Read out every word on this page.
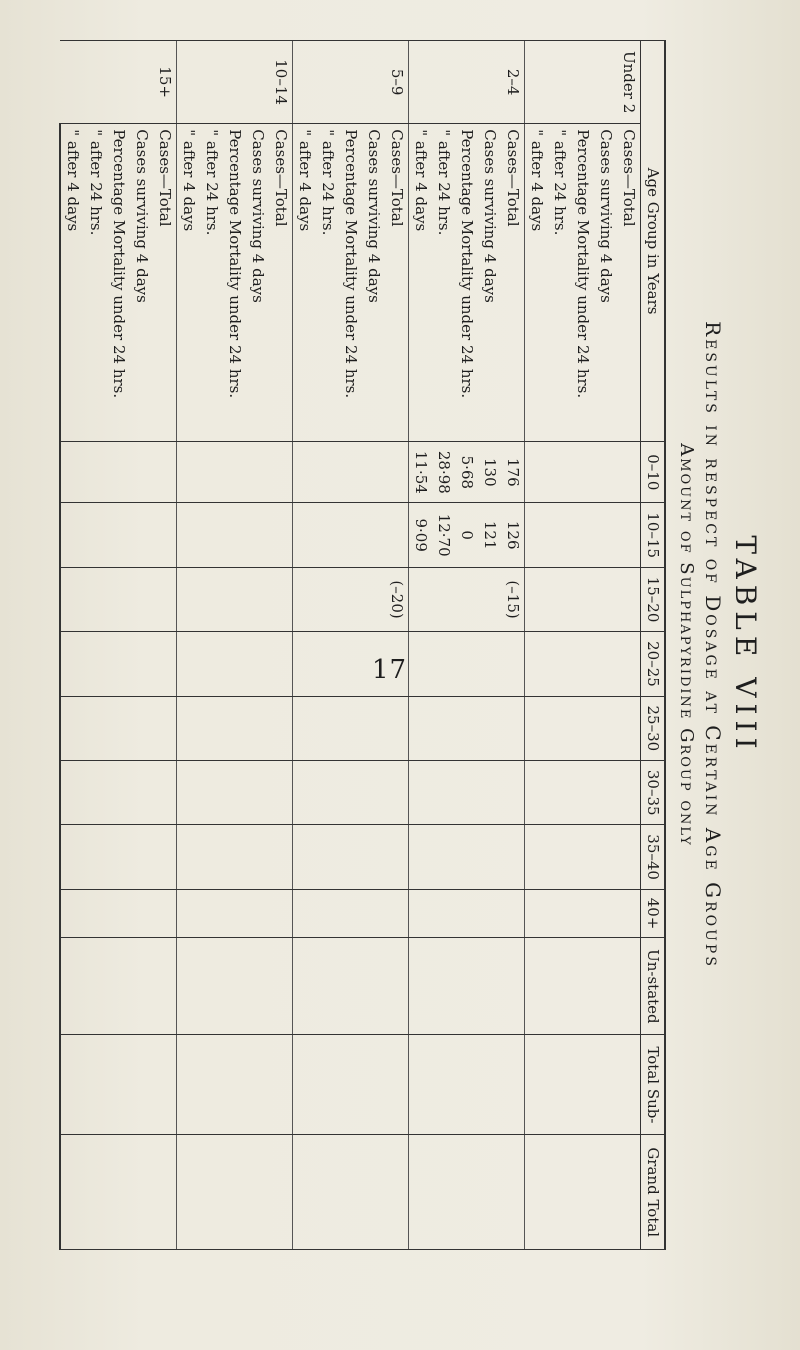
17	TABLE VIII
Results in respect of Dosage at Certain Age Groups
Amount of Sulphapyridine Group only
Age Group in Years		0–10	10–15	15–20	20–25	25–30	30–35	35–40	40+	Un-stated	Total Sub-	Grand Total
Under 2	Cases—Total											
	Cases surviving 4 days											
	Percentage Mortality under 24 hrs.											
	" after 24 hrs.											
	" after 4 days											
2–4	Cases—Total	176	126	(–15)								
	Cases surviving 4 days	130	121									
	Percentage Mortality under 24 hrs.	5·68	0									
	" after 24 hrs.	28·98	12·70									
	" after 4 days	11·54	9·09									
5–9	Cases—Total			(–20)								
	Cases surviving 4 days											
	Percentage Mortality under 24 hrs.											
	" after 24 hrs.											
	" after 4 days											
10–14	Cases—Total											
	Cases surviving 4 days											
	Percentage Mortality under 24 hrs.											
	" after 24 hrs.											
	" after 4 days											
15+	Cases—Total											
	Cases surviving 4 days											
	Percentage Mortality under 24 hrs.											
	" after 24 hrs.											
	" after 4 days											
